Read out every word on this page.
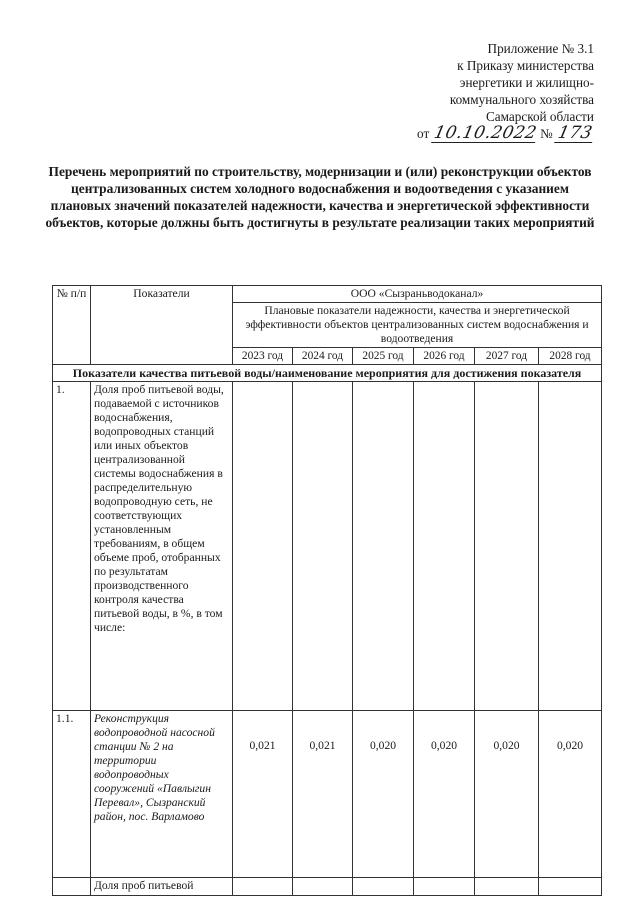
Приложение № 3.1
к Приказу министерства
энергетики и жилищно-
коммунального хозяйства
Самарской области
от 10.10.2022 № 173
Перечень мероприятий по строительству, модернизации и (или) реконструкции объектов централизованных систем холодного водоснабжения и водоотведения с указанием плановых значений показателей надежности, качества и энергетической эффективности объектов, которые должны быть достигнуты в результате реализации таких мероприятий
№ п/п	Показатели	ООО «Сызраньводоканал»					
		Плановые показатели надежности, качества и энергетической эффективности объектов централизованных систем водоснабжения и водоотведения					
		2023 год	2024 год	2025 год	2026 год	2027 год	2028 год
Показатели качества питьевой воды/наименование мероприятия для достижения показателя							
1.	Доля проб питьевой воды, подаваемой с источников водоснабжения, водопроводных станций или иных объектов централизованной системы водоснабжения в распределительную водопроводную сеть, не соответствующих установленным требованиям, в общем объеме проб, отобранных по результатам производственного контроля качества питьевой воды, в %, в том числе:						
1.1.	Реконструкция водопроводной насосной станции № 2 на территории водопроводных сооружений «Павлыгин Перевал», Сызранский район, пос. Варламово	0,021	0,021	0,020	0,020	0,020	0,020
	Доля проб питьевой						
